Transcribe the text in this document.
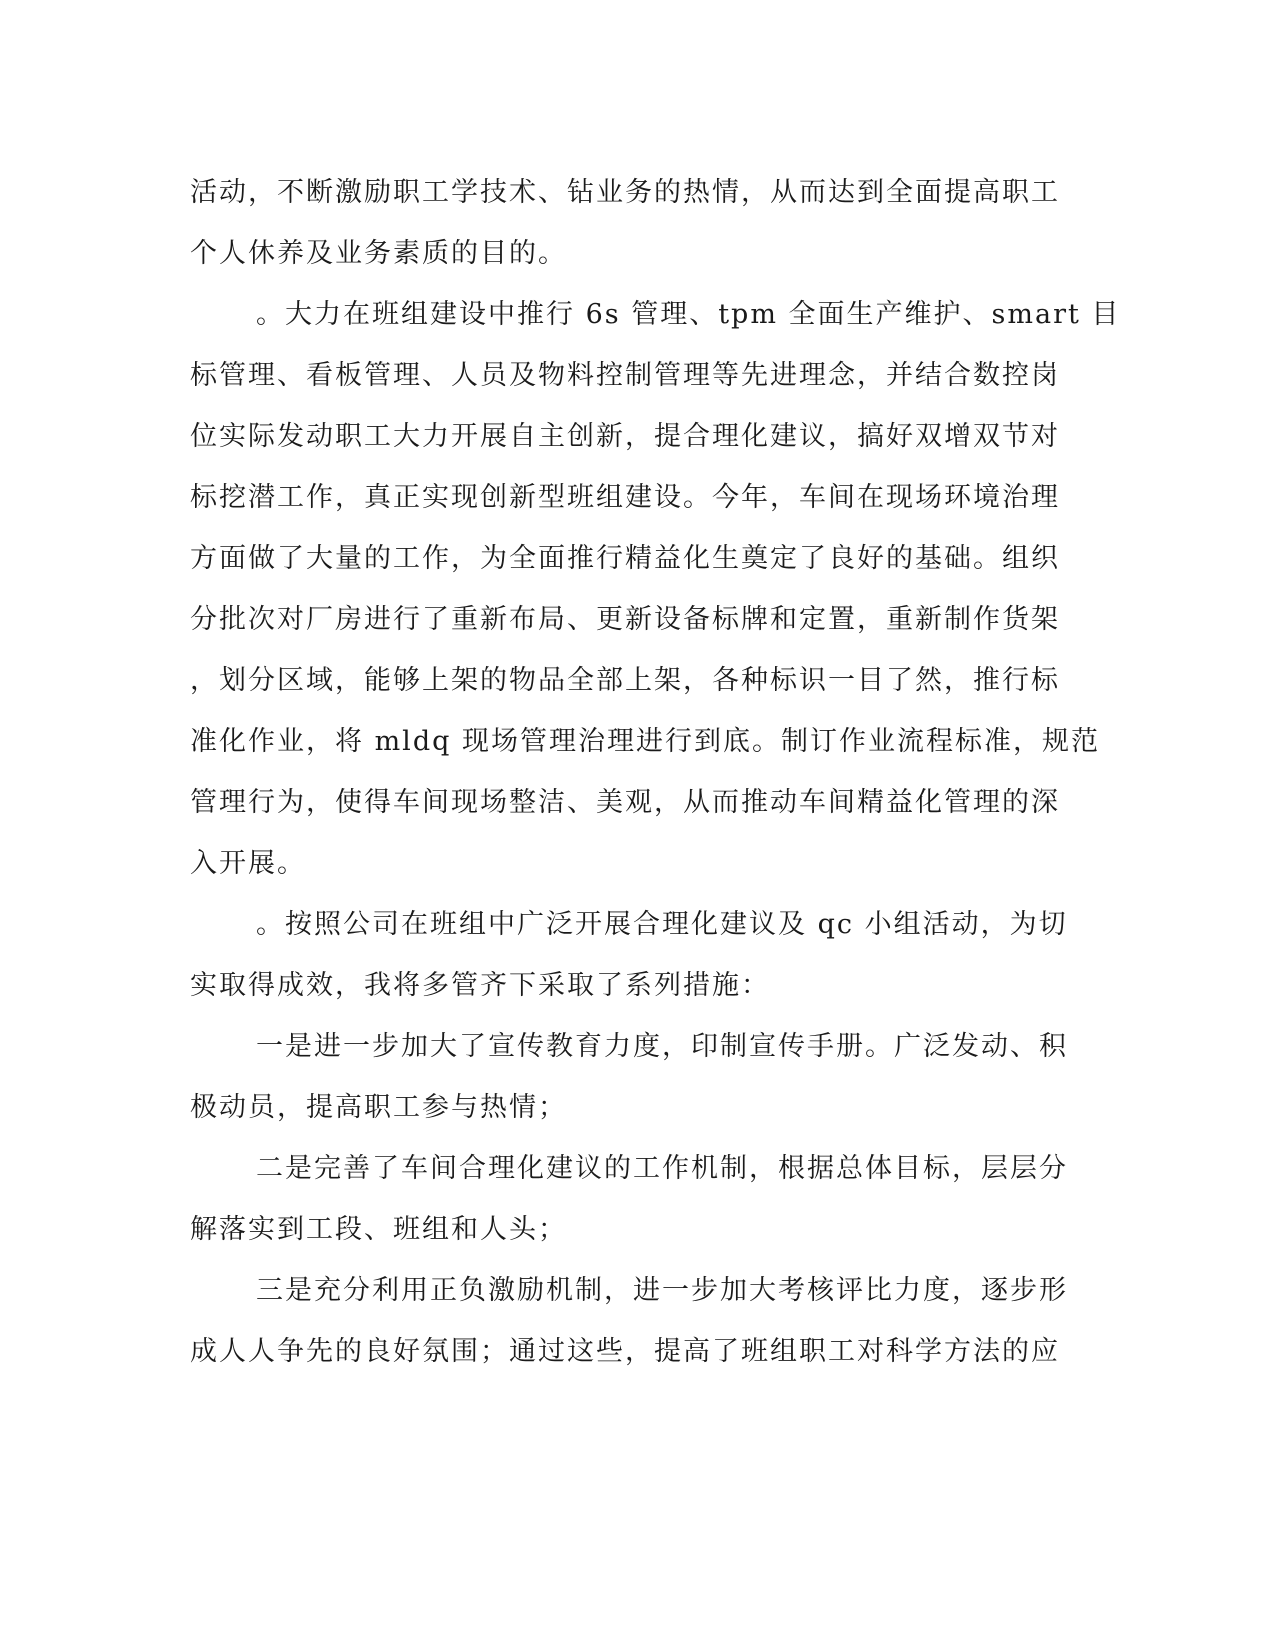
活动，不断激励职工学技术、钻业务的热情，从而达到全面提高职工
个人休养及业务素质的目的。
。大力在班组建设中推行 6s 管理、tpm 全面生产维护、smart 目
标管理、看板管理、人员及物料控制管理等先进理念，并结合数控岗
位实际发动职工大力开展自主创新，提合理化建议，搞好双增双节对
标挖潜工作，真正实现创新型班组建设。今年，车间在现场环境治理
方面做了大量的工作，为全面推行精益化生奠定了良好的基础。组织
分批次对厂房进行了重新布局、更新设备标牌和定置，重新制作货架
，划分区域，能够上架的物品全部上架，各种标识一目了然，推行标
准化作业，将 mldq 现场管理治理进行到底。制订作业流程标准，规范
管理行为，使得车间现场整洁、美观，从而推动车间精益化管理的深
入开展。
。按照公司在班组中广泛开展合理化建议及 qc 小组活动，为切
实取得成效，我将多管齐下采取了系列措施：
一是进一步加大了宣传教育力度，印制宣传手册。广泛发动、积
极动员，提高职工参与热情；
二是完善了车间合理化建议的工作机制，根据总体目标，层层分
解落实到工段、班组和人头；
三是充分利用正负激励机制，进一步加大考核评比力度，逐步形
成人人争先的良好氛围；通过这些，提高了班组职工对科学方法的应
